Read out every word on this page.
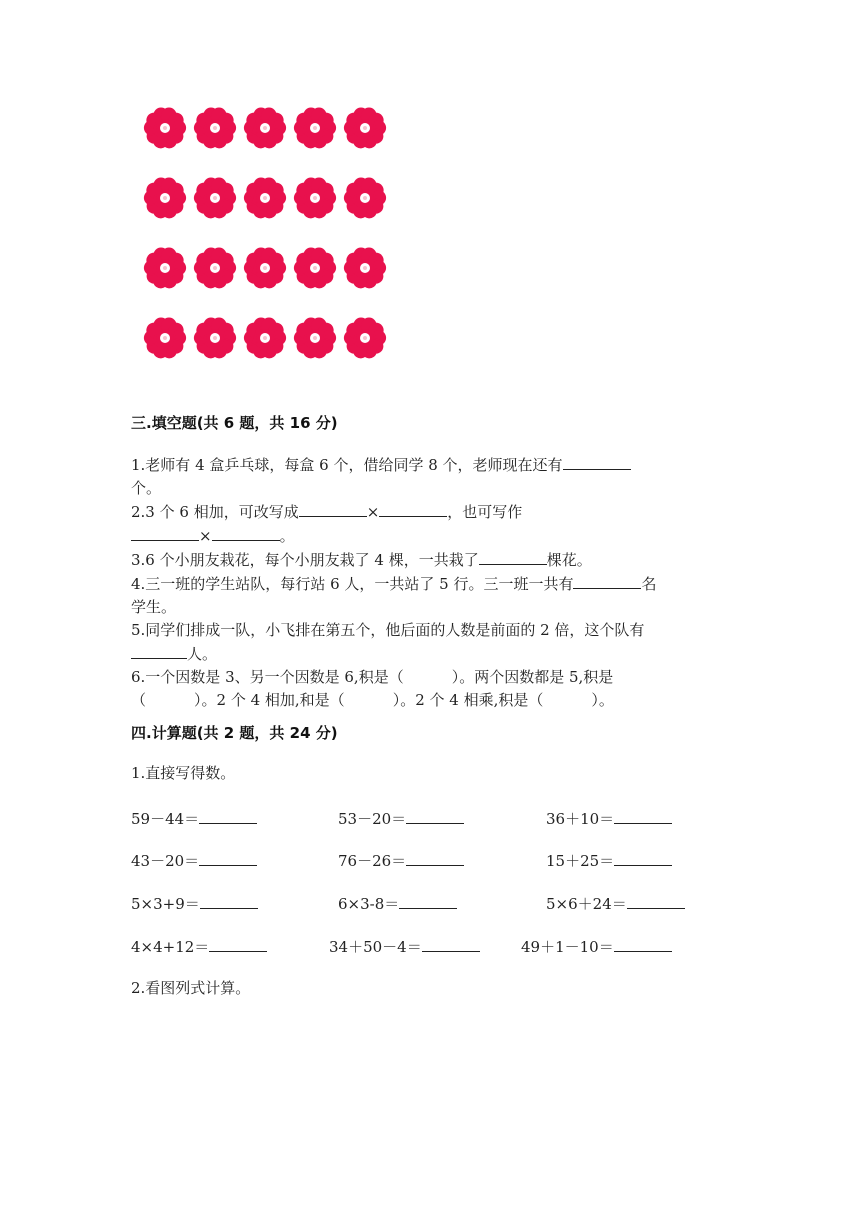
三.填空题(共 6 题，共 16 分)
1.老师有 4 盒乒乓球，每盒 6 个，借给同学 8 个，老师现在还有
个。
2.3 个 6 相加，可改写成	×	，也可写作
×	。
3.6 个小朋友栽花，每个小朋友栽了 4 棵，一共栽了	棵花。
4.三一班的学生站队，每行站 6 人，一共站了 5 行。三一班一共有	名
学生。
5.同学们排成一队，小飞排在第五个，他后面的人数是前面的 2 倍，这个队有
人。
6.一个因数是 3、另一个因数是 6,积是（	）。两个因数都是 5,积是
（	）。2 个 4 相加,和是（	）。2 个 4 相乘,积是（	）。
四.计算题(共 2 题，共 24 分)
1.直接写得数。
59－44＝	53－20＝	36＋10＝
43－20＝	76－26＝	15＋25＝
5×3+9＝	6×3-8＝	5×6＋24＝
4×4+12＝	34＋50－4＝	49＋1－10＝
2.看图列式计算。
